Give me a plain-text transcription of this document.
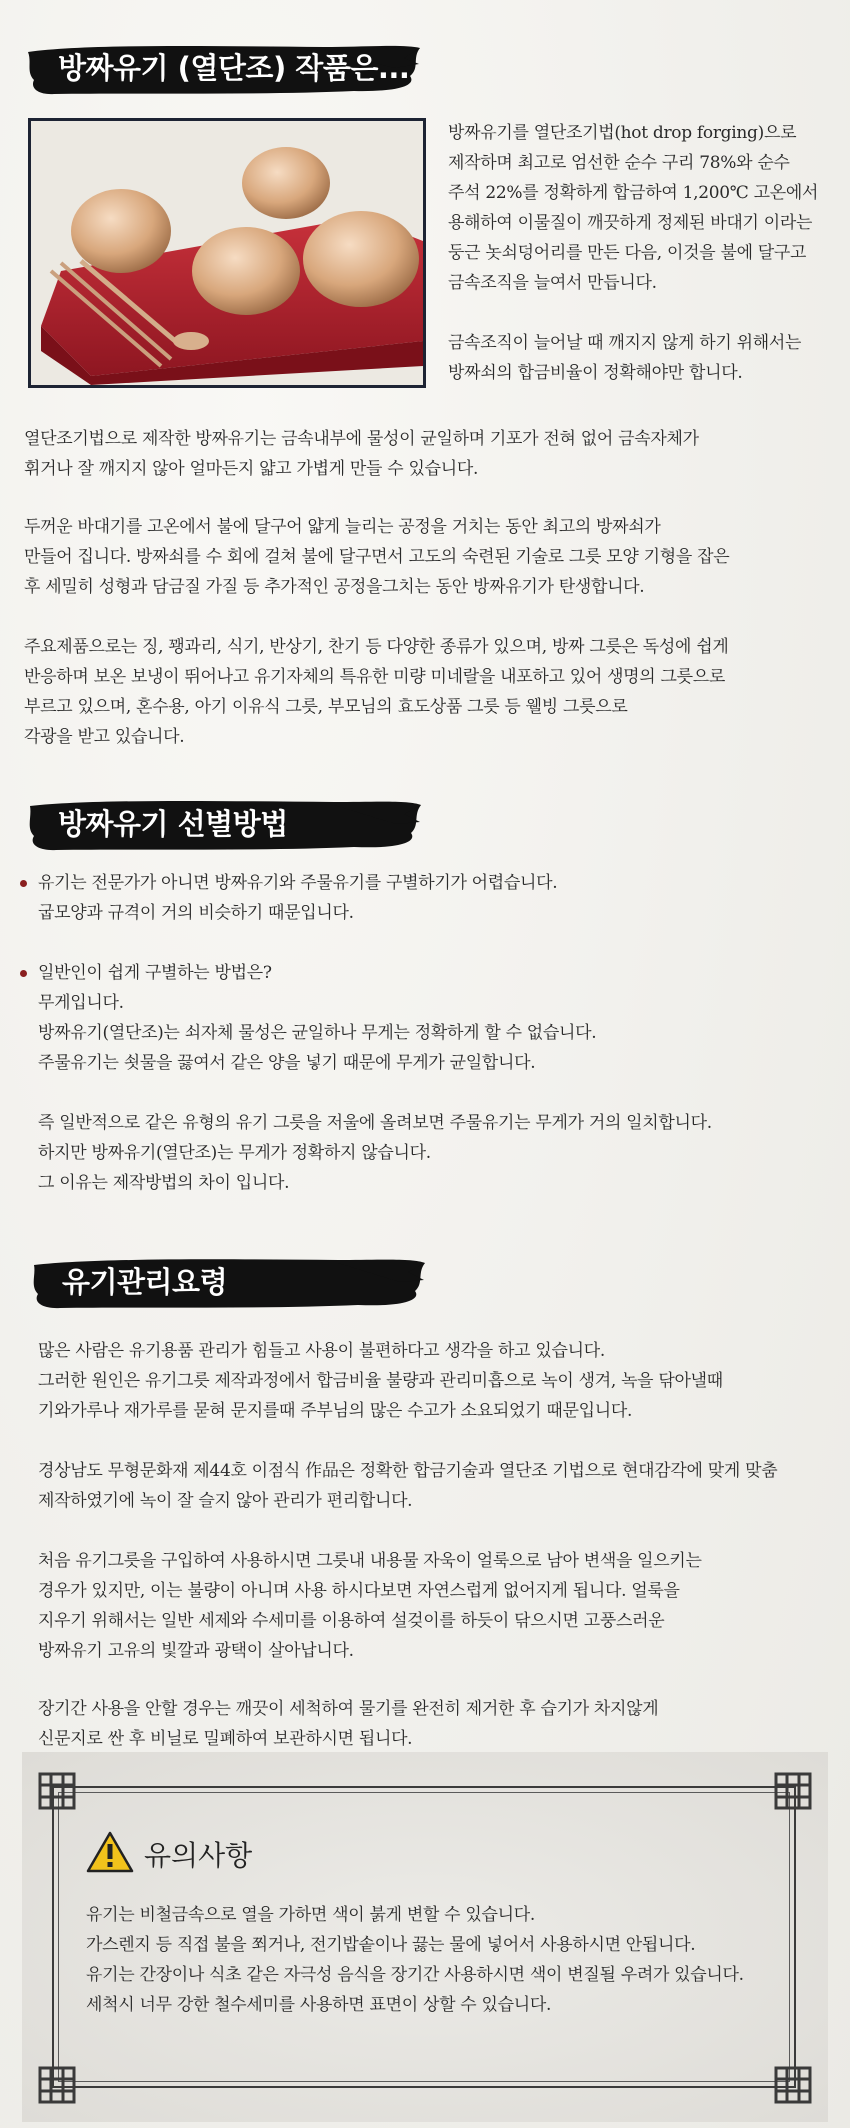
방짜유기 (열단조) 작품은...
방짜유기를 열단조기법(hot drop forging)으로
제작하며 최고로 엄선한 순수 구리 78%와 순수
주석 22%를 정확하게 합금하여 1,200℃ 고온에서
용해하여 이물질이 깨끗하게 정제된 바대기 이라는
둥근 놋쇠덩어리를 만든 다음, 이것을 불에 달구고
금속조직을 늘여서 만듭니다.
금속조직이 늘어날 때 깨지지 않게 하기 위해서는
방짜쇠의 합금비율이 정확해야만 합니다.
열단조기법으로 제작한 방짜유기는 금속내부에 물성이 균일하며 기포가 전혀 없어 금속자체가
휘거나 잘 깨지지 않아 얼마든지 얇고 가볍게 만들 수 있습니다.
두꺼운 바대기를 고온에서 불에 달구어 얇게 늘리는 공정을 거치는 동안 최고의 방짜쇠가
만들어 집니다. 방짜쇠를 수 회에 걸쳐 불에 달구면서 고도의 숙련된 기술로 그릇 모양 기형을 잡은
후 세밀히 성형과 담금질 가질 등 추가적인 공정을그치는 동안 방짜유기가 탄생합니다.
주요제품으로는 징, 꽹과리, 식기, 반상기, 찬기 등 다양한 종류가 있으며, 방짜 그릇은 독성에 쉽게
반응하며 보온 보냉이 뛰어나고 유기자체의 특유한 미량 미네랄을 내포하고 있어 생명의 그릇으로
부르고 있으며, 혼수용, 아기 이유식 그릇, 부모님의 효도상품 그릇 등 웰빙 그릇으로
각광을 받고 있습니다.
방짜유기 선별방법
유기는 전문가가 아니면 방짜유기와 주물유기를 구별하기가 어렵습니다.
굽모양과 규격이 거의 비슷하기 때문입니다.
일반인이 쉽게 구별하는 방법은?
무게입니다.
방짜유기(열단조)는 쇠자체 물성은 균일하나 무게는 정확하게 할 수 없습니다.
주물유기는 쇳물을 끓여서 같은 양을 넣기 때문에 무게가 균일합니다.
즉 일반적으로 같은 유형의 유기 그릇을 저울에 올려보면 주물유기는 무게가 거의 일치합니다.
하지만 방짜유기(열단조)는 무게가 정확하지 않습니다.
그 이유는 제작방법의 차이 입니다.
유기관리요령
많은 사람은 유기용품 관리가 힘들고 사용이 불편하다고 생각을 하고 있습니다.
그러한 원인은 유기그릇 제작과정에서 합금비율 불량과 관리미흡으로 녹이 생겨, 녹을 닦아낼때
기와가루나 재가루를 묻혀 문지를때 주부님의 많은 수고가 소요되었기 때문입니다.
경상남도 무형문화재 제44호 이점식 作品은 정확한 합금기술과 열단조 기법으로 현대감각에 맞게 맞춤
제작하였기에 녹이 잘 슬지 않아 관리가 편리합니다.
처음 유기그릇을 구입하여 사용하시면 그릇내 내용물 자욱이 얼룩으로 남아 변색을 일으키는
경우가 있지만, 이는 불량이 아니며 사용 하시다보면 자연스럽게 없어지게 됩니다. 얼룩을
지우기 위해서는 일반 세제와 수세미를 이용하여 설겆이를 하듯이 닦으시면 고풍스러운
방짜유기 고유의 빛깔과 광택이 살아납니다.
장기간 사용을 안할 경우는 깨끗이 세척하여 물기를 완전히 제거한 후 습기가 차지않게
신문지로 싼 후 비닐로 밀폐하여 보관하시면 됩니다.
유의사항
유기는 비철금속으로 열을 가하면 색이 붉게 변할 수 있습니다.
가스렌지 등 직접 불을 쬐거나, 전기밥솥이나 끓는 물에 넣어서 사용하시면 안됩니다.
유기는 간장이나 식초 같은 자극성 음식을 장기간 사용하시면 색이 변질될 우려가 있습니다.
세척시 너무 강한 철수세미를 사용하면 표면이 상할 수 있습니다.
